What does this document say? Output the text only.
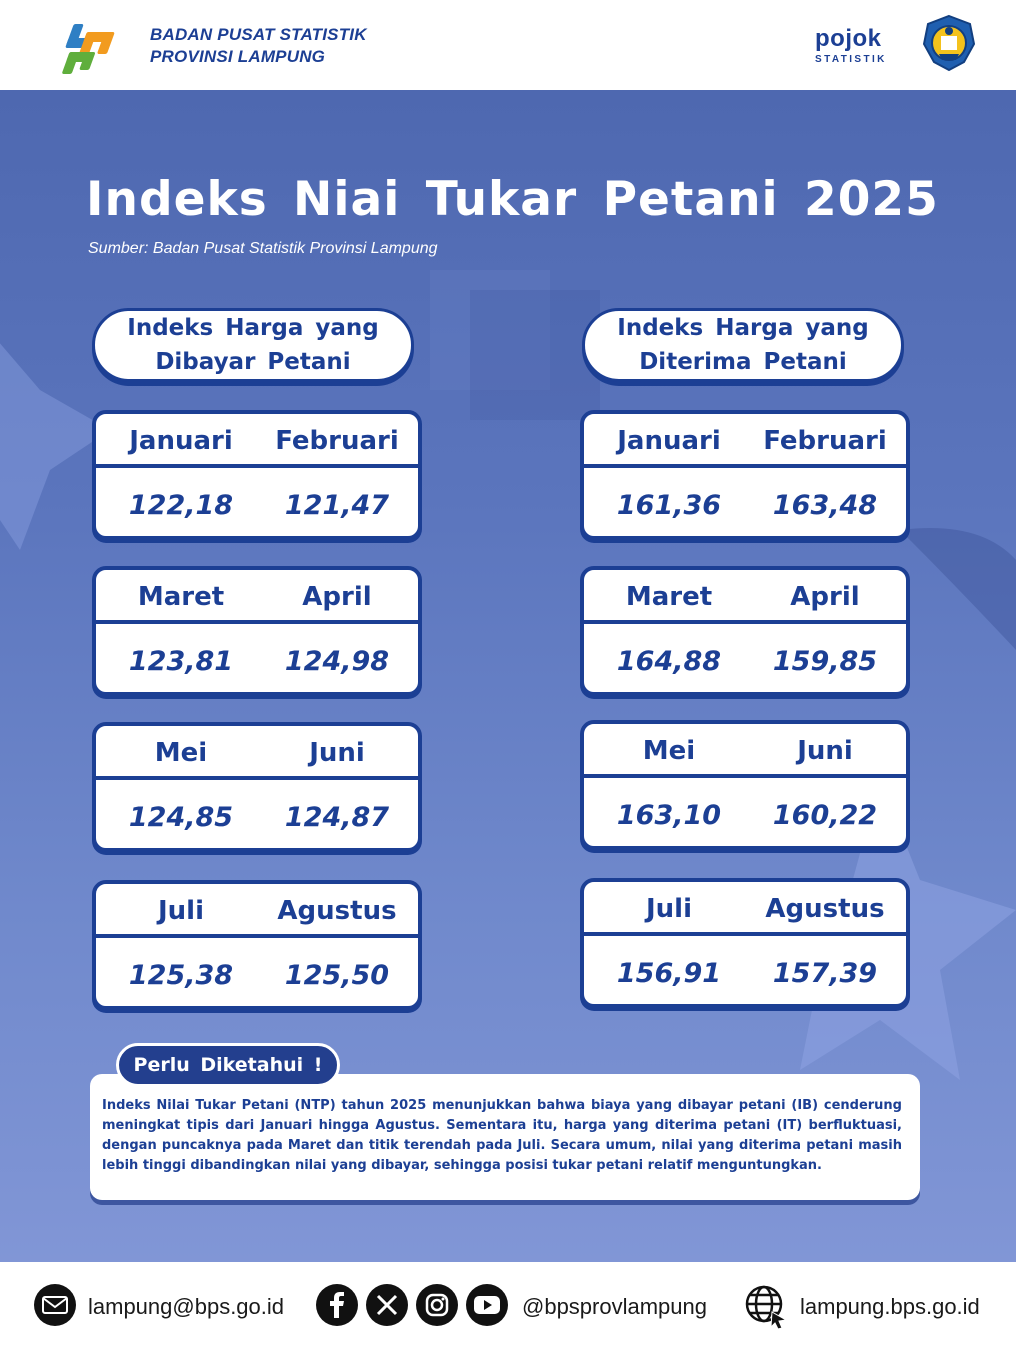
BADAN PUSAT STATISTIK
PROVINSI LAMPUNG
pojok
STATISTIK
Indeks Niai Tukar Petani 2025
Sumber: Badan Pusat Statistik Provinsi Lampung
Indeks Harga yang
Dibayar Petani
Indeks Harga yang
Diterima Petani
Januari	Februari
122,18	121,47
Maret	April
123,81	124,98
Mei	Juni
124,85	124,87
Juli	Agustus
125,38	125,50
Januari	Februari
161,36	163,48
Maret	April
164,88	159,85
Mei	Juni
163,10	160,22
Juli	Agustus
156,91	157,39
Indeks Nilai Tukar Petani (NTP) tahun 2025 menunjukkan bahwa biaya yang dibayar petani (IB) cenderung meningkat tipis dari Januari hingga Agustus. Sementara itu, harga yang diterima petani (IT) berfluktuasi, dengan puncaknya pada Maret dan titik terendah pada Juli. Secara umum, nilai yang diterima petani masih lebih tinggi dibandingkan nilai yang dibayar, sehingga posisi tukar petani relatif menguntungkan.
Perlu Diketahui !
lampung@bps.go.id	@bpsprovlampung	lampung.bps.go.id
